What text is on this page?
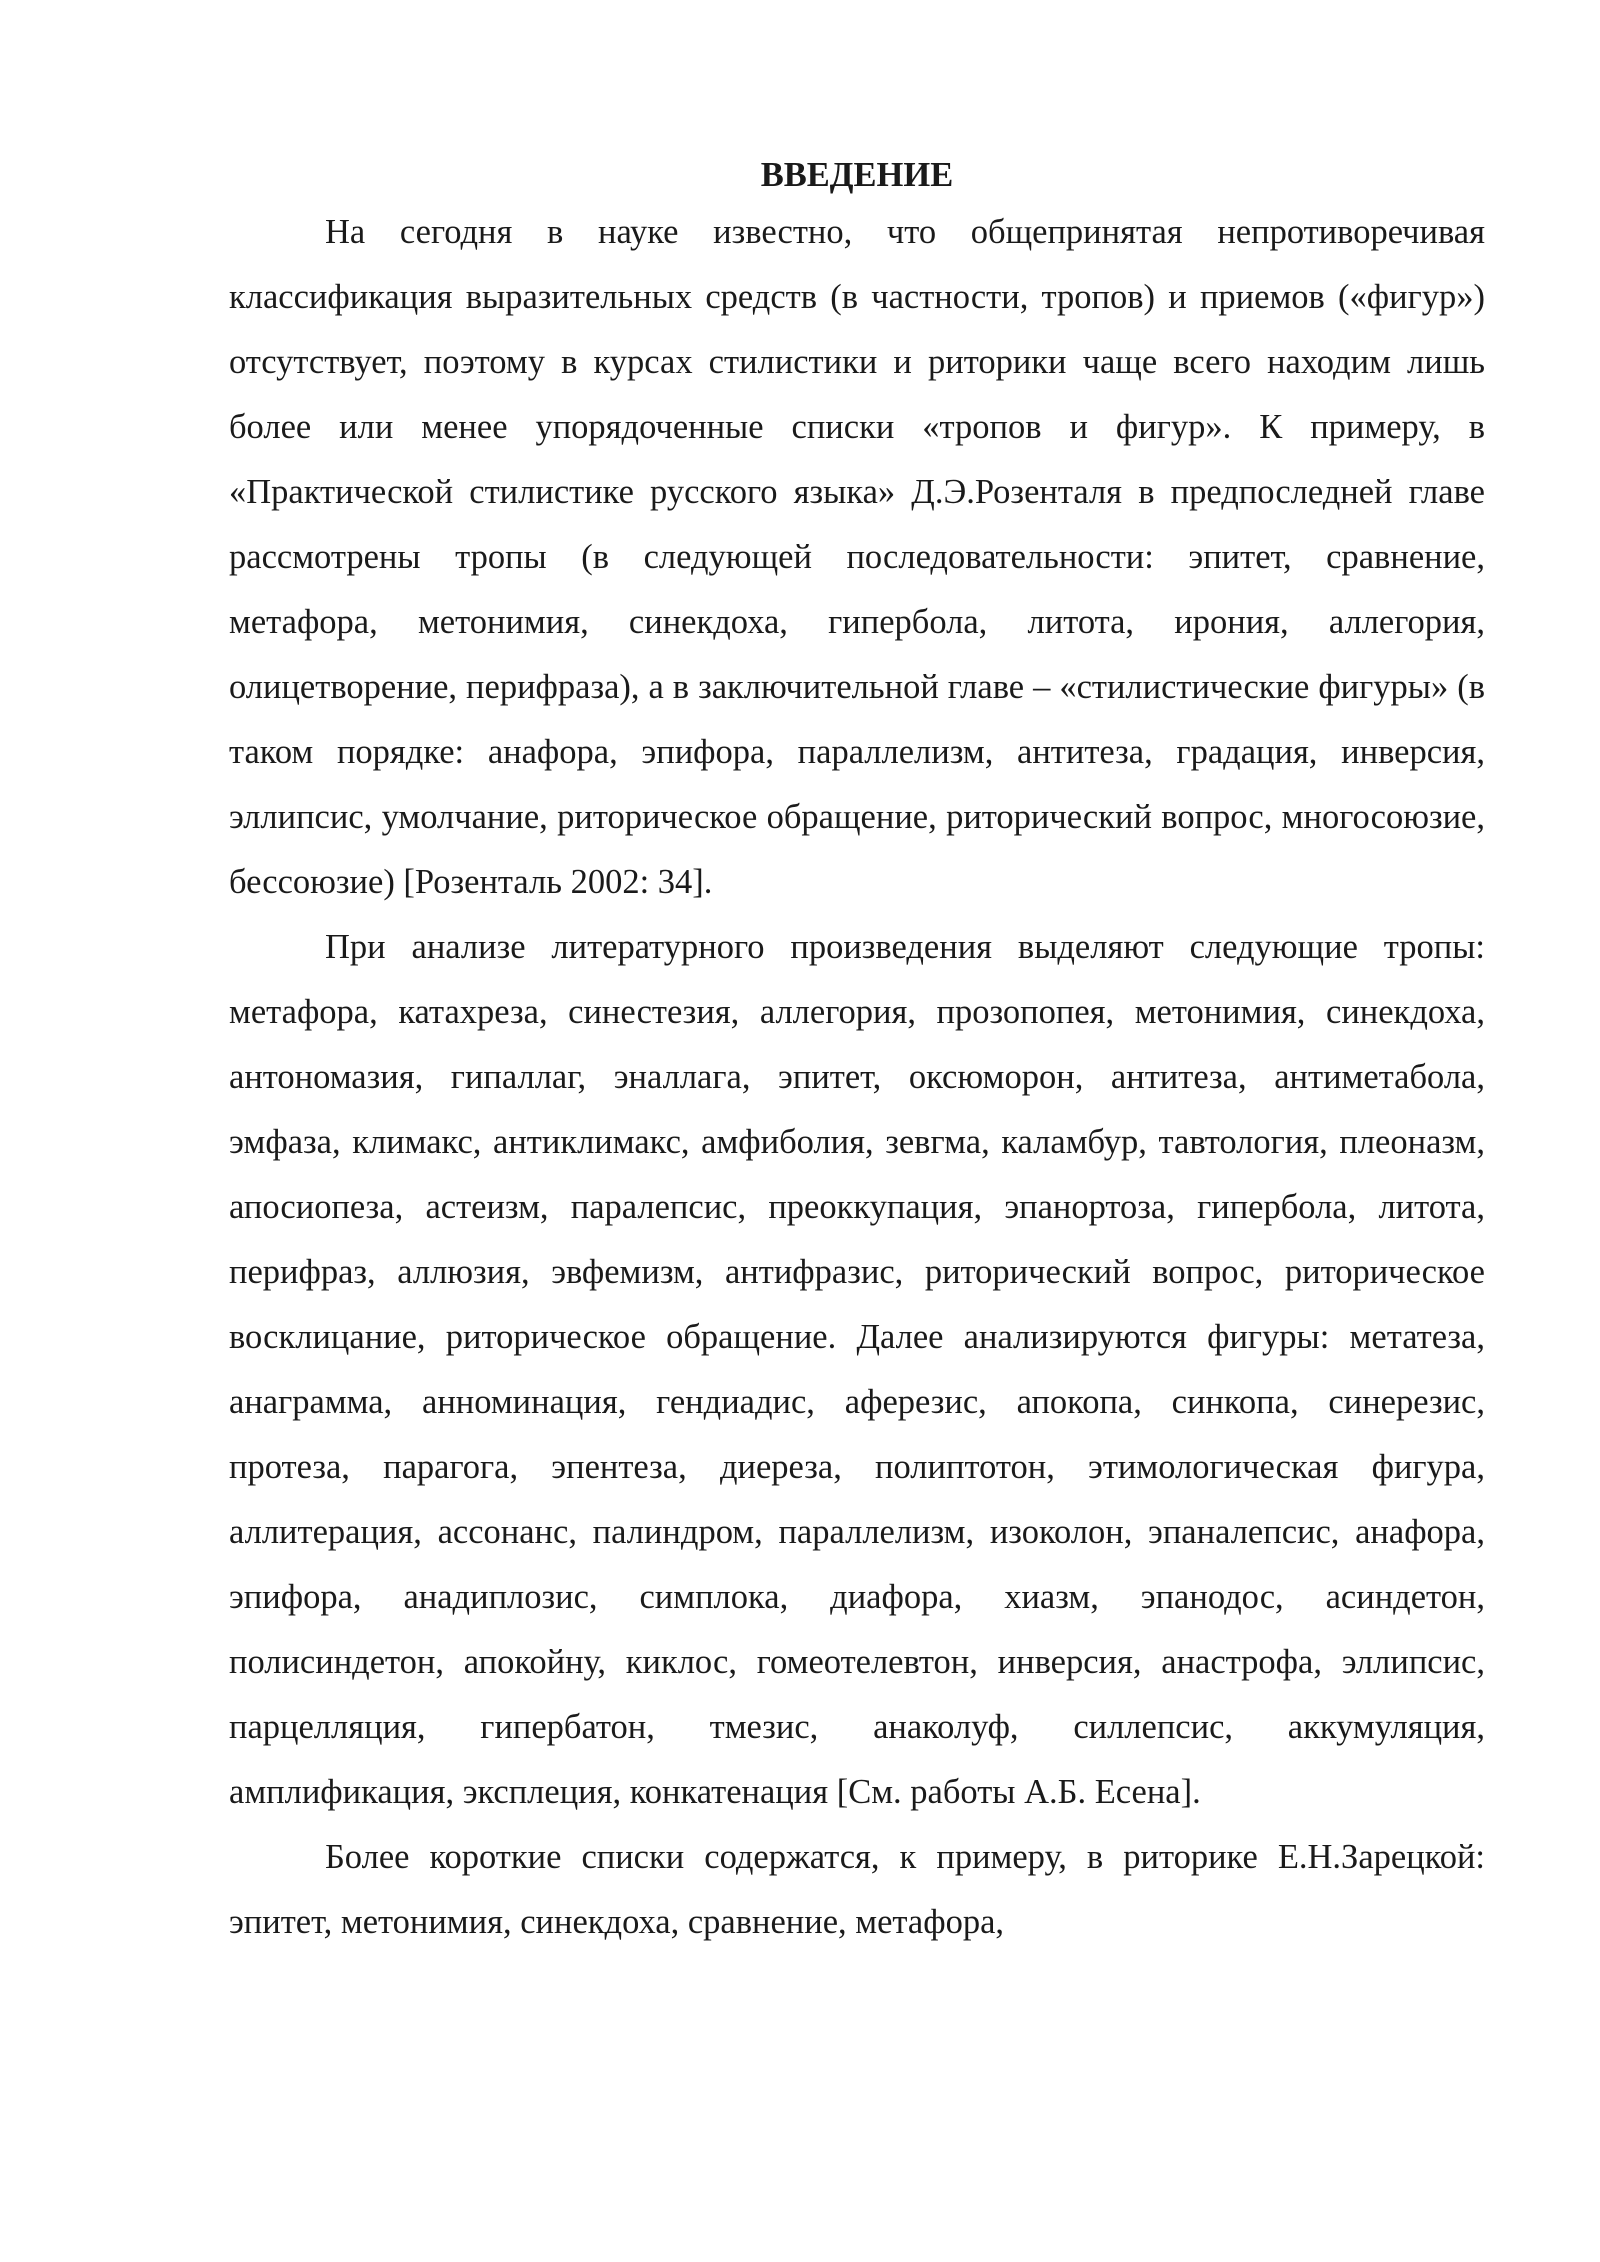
ВВЕДЕНИЕ

На сегодня в науке известно, что общепринятая непротиворечивая классификация выразительных средств (в частности, тропов) и приемов («фигур») отсутствует, поэтому в курсах стилистики и риторики чаще всего находим лишь более или менее упорядоченные списки «тропов и фигур». К примеру, в «Практической стилистике русского языка» Д.Э.Розенталя в предпоследней главе рассмотрены тропы (в следующей последовательности: эпитет, сравнение, метафора, метонимия, синекдоха, гипербола, литота, ирония, аллегория, олицетворение, перифраза), а в заключительной главе – «стилистические фигуры» (в таком порядке: анафора, эпифора, параллелизм, антитеза, градация, инверсия, эллипсис, умолчание, риторическое обращение, риторический вопрос, многосоюзие, бессоюзие) [Розенталь 2002: 34].

При анализе литературного произведения выделяют следующие тропы: метафора, катахреза, синестезия, аллегория, прозопопея, метонимия, синекдоха, антономазия, гипаллаг, эналлага, эпитет, оксюморон, антитеза, антиметабола, эмфаза, климакс, антиклимакс, амфиболия, зевгма, каламбур, тавтология, плеоназм, апосиопеза, астеизм, паралепсис, преоккупация, эпанортоза, гипербола, литота, перифраз, аллюзия, эвфемизм, антифразис, риторический вопрос, риторическое восклицание, риторическое обращение. Далее анализируются фигуры: метатеза, анаграмма, анноминация, гендиадис, аферезис, апокопа, синкопа, синерезис, протеза, парагога, эпентеза, диереза, полиптотон, этимологическая фигура, аллитерация, ассонанс, палиндром, параллелизм, изоколон, эпаналепсис, анафора, эпифора, анадиплозис, симплока, диафора, хиазм, эпанодос, асиндетон, полисиндетон, апокойну, киклос, гомеотелевтон, инверсия, анастрофа, эллипсис, парцелляция, гипербатон, тмезис, анаколуф, силлепсис, аккумуляция, амплификация, эксплеция, конкатенация [См. работы А.Б. Есена].

Более короткие списки содержатся, к примеру, в риторике Е.Н.Зарецкой: эпитет, метонимия, синекдоха, сравнение, метафора,
